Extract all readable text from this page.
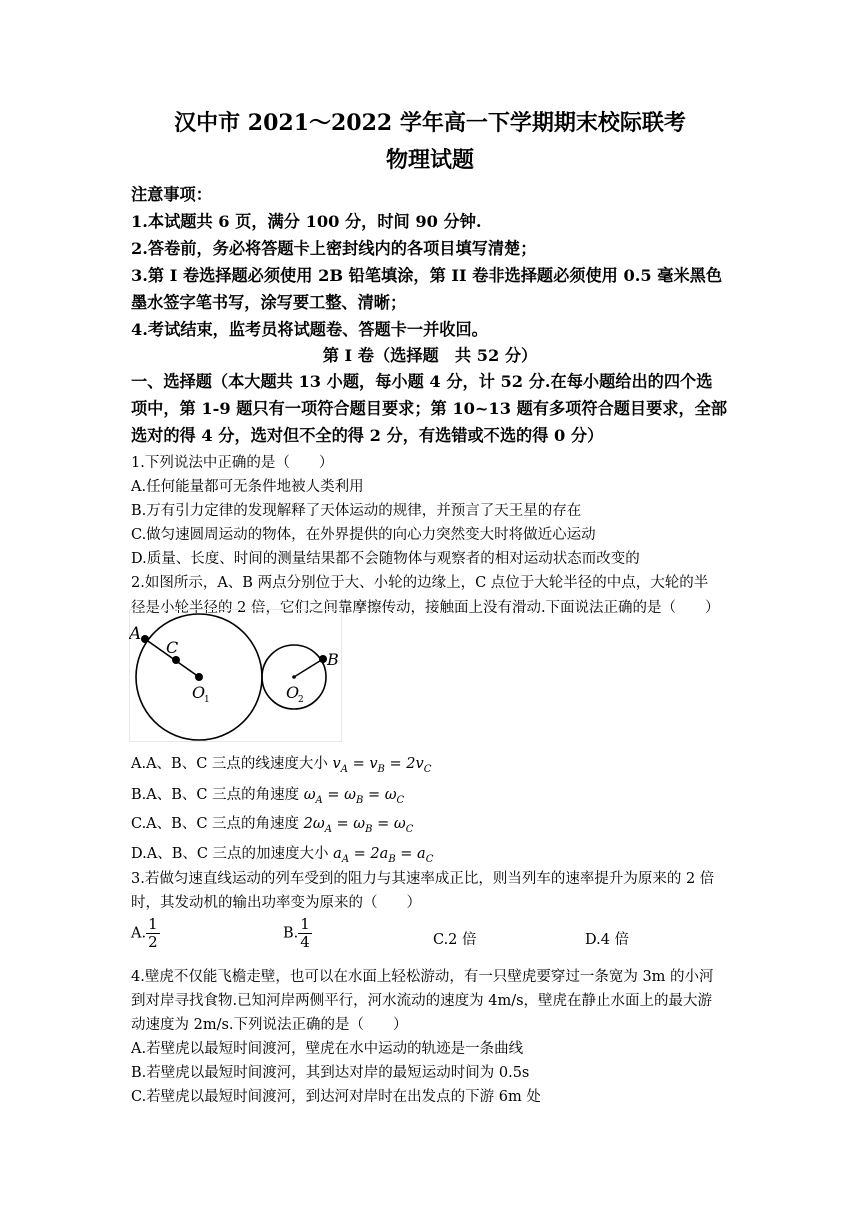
汉中市 2021～2022 学年高一下学期期末校际联考
物理试题
注意事项：
1.本试题共 6 页，满分 100 分，时间 90 分钟.
2.答卷前，务必将答题卡上密封线内的各项目填写清楚；
3.第 I 卷选择题必须使用 2B 铅笔填涂，第 II 卷非选择题必须使用 0.5 毫米黑色
墨水签字笔书写，涂写要工整、清晰；
4.考试结束，监考员将试题卷、答题卡一并收回。
第 I 卷（选择题　共 52 分）
一、选择题（本大题共 13 小题，每小题 4 分，计 52 分.在每小题给出的四个选
项中，第 1-9 题只有一项符合题目要求；第 10~13 题有多项符合题目要求，全部
选对的得 4 分，选对但不全的得 2 分，有选错或不选的得 0 分）
1.下列说法中正确的是（　　）
A.任何能量都可无条件地被人类利用
B.万有引力定律的发现解释了天体运动的规律，并预言了天王星的存在
C.做匀速圆周运动的物体，在外界提供的向心力突然变大时将做近心运动
D.质量、长度、时间的测量结果都不会随物体与观察者的相对运动状态而改变的
2.如图所示，A、B 两点分别位于大、小轮的边缘上，C 点位于大轮半径的中点，大轮的半
径是小轮半径的 2 倍，它们之间靠摩擦传动，接触面上没有滑动.下面说法正确的是（　　）
A
C
B
O
1	O
2
A.A、B、C 三点的线速度大小 $v_A = v_B = 2v_C$
B.A、B、C 三点的角速度 $\omega_A = \omega_B = \omega_C$
C.A、B、C 三点的角速度 $2\omega_A = \omega_B = \omega_C$
D.A、B、C 三点的加速度大小 $a_A = 2a_B = a_C$
3.若做匀速直线运动的列车受到的阻力与其速率成正比，则当列车的速率提升为原来的 2 倍
时，其发动机的输出功率变为原来的（　　）
A. $\frac{1}{2}$	B. $\frac{1}{4}$	C.2 倍	D.4 倍
4.壁虎不仅能飞檐走壁，也可以在水面上轻松游动，有一只壁虎要穿过一条宽为 3m 的小河
到对岸寻找食物.已知河岸两侧平行，河水流动的速度为 4m/s，壁虎在静止水面上的最大游
动速度为 2m/s.下列说法正确的是（　　）
A.若壁虎以最短时间渡河，壁虎在水中运动的轨迹是一条曲线
B.若壁虎以最短时间渡河，其到达对岸的最短运动时间为 0.5s
C.若壁虎以最短时间渡河，到达河对岸时在出发点的下游 6m 处
